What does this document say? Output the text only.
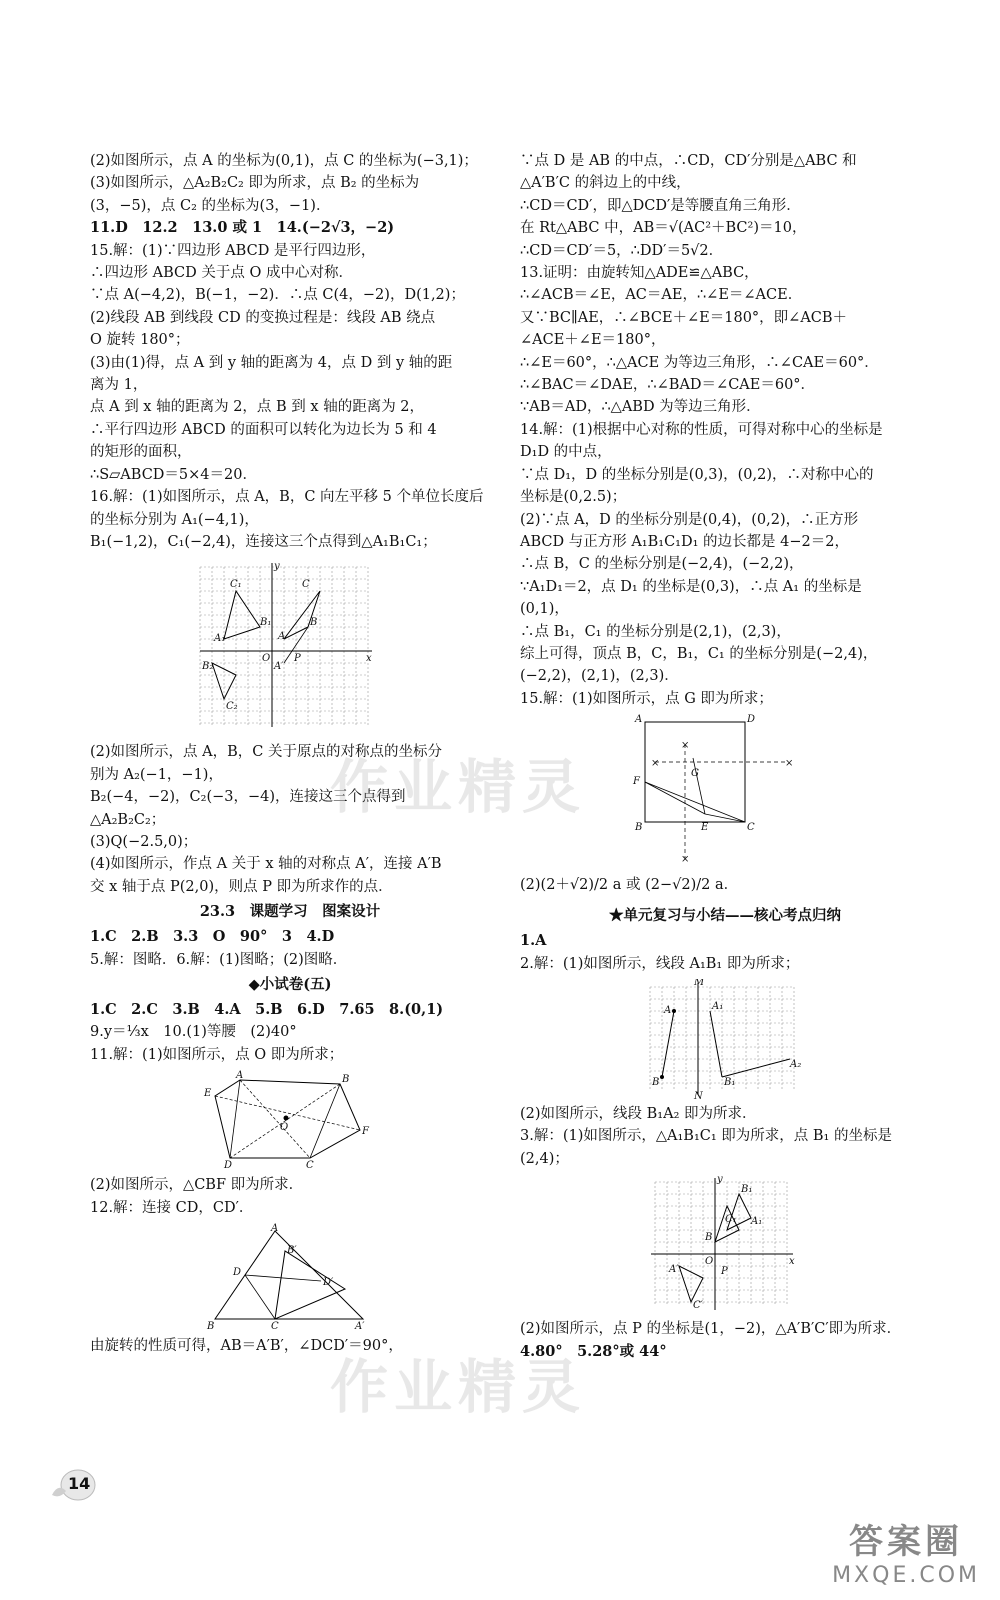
(2)如图所示，点 A 的坐标为(0,1)，点 C 的坐标为(−3,1)；
(3)如图所示，△A₂B₂C₂ 即为所求，点 B₂ 的坐标为
(3，−5)，点 C₂ 的坐标为(3，−1)．
11.D　12.2　13.0 或 1　14.(−2√3，−2)
15.解：(1)∵四边形 ABCD 是平行四边形，
∴四边形 ABCD 关于点 O 成中心对称．
∵点 A(−4,2)，B(−1，−2)．∴点 C(4，−2)，D(1,2)；
(2)线段 AB 到线段 CD 的变换过程是：线段 AB 绕点
O 旋转 180°；
(3)由(1)得，点 A 到 y 轴的距离为 4，点 D 到 y 轴的距
离为 1，
点 A 到 x 轴的距离为 2，点 B 到 x 轴的距离为 2，
∴平行四边形 ABCD 的面积可以转化为边长为 5 和 4
的矩形的面积，
∴S▱ABCD＝5×4＝20．
16.解：(1)如图所示，点 A，B，C 向左平移 5 个单位长度后
的坐标分别为 A₁(−4,1)，
B₁(−1,2)，C₁(−2,4)，连接这三个点得到△A₁B₁C₁；
y
x
O
A₁
C₁
B₁
C
B
A
B₂
C₂
A′
P
(2)如图所示，点 A，B，C 关于原点的对称点的坐标分
别为 A₂(−1，−1)，
B₂(−4，−2)，C₂(−3，−4)，连接这三个点得到
△A₂B₂C₂；
(3)Q(−2.5,0)；
(4)如图所示，作点 A 关于 x 轴的对称点 A′，连接 A′B
交 x 轴于点 P(2,0)，则点 P 即为所求作的点．
23.3　课题学习　图案设计
1.C　2.B　3.3　O　90°　3　4.D
5.解：图略．6.解：(1)图略；(2)图略．
◆小试卷(五)
1.C　2.C　3.B　4.A　5.B　6.D　7.65　8.(0,1)
9.y＝⅓x　10.(1)等腰　(2)40°
11.解：(1)如图所示，点 O 即为所求；
A	B
F
C
D
E
O
(2)如图所示，△CBF 即为所求．
12.解：连接 CD，CD′．
A
B′
D
D′
B	C	A′
由旋转的性质可得，AB＝A′B′，∠DCD′＝90°，
∵点 D 是 AB 的中点，∴CD，CD′分别是△ABC 和
△A′B′C 的斜边上的中线，
∴CD＝CD′，即△DCD′是等腰直角三角形．
在 Rt△ABC 中，AB＝√(AC²＋BC²)＝10，
∴CD＝CD′＝5，∴DD′＝5√2．
13.证明：由旋转知△ADE≌△ABC，
∴∠ACB＝∠E，AC＝AE，∴∠E＝∠ACE．
又∵BC∥AE，∴∠BCE＋∠E＝180°，即∠ACB＋
∠ACE＋∠E＝180°，
∴∠E＝60°，∴△ACE 为等边三角形，∴∠CAE＝60°．
∴∠BAC＝∠DAE，∴∠BAD＝∠CAE＝60°．
∵AB＝AD，∴△ABD 为等边三角形．
14.解：(1)根据中心对称的性质，可得对称中心的坐标是
D₁D 的中点，
∵点 D₁，D 的坐标分别是(0,3)，(0,2)，∴对称中心的
坐标是(0,2.5)；
(2)∵点 A，D 的坐标分别是(0,4)，(0,2)，∴正方形
ABCD 与正方形 A₁B₁C₁D₁ 的边长都是 4−2＝2，
∴点 B，C 的坐标分别是(−2,4)，(−2,2)，
∵A₁D₁＝2，点 D₁ 的坐标是(0,3)，∴点 A₁ 的坐标是
(0,1)，
∴点 B₁，C₁ 的坐标分别是(2,1)，(2,3)，
综上可得，顶点 B，C，B₁，C₁ 的坐标分别是(−2,4)，
(−2,2)，(2,1)，(2,3)．
15.解：(1)如图所示，点 G 即为所求；
×
×
×
×
A	D
F
G
B	E	C
(2)(2＋√2)/2 a 或 (2−√2)/2 a．
★单元复习与小结——核心考点归纳
1.A
2.解：(1)如图所示，线段 A₁B₁ 即为所求；
M
N
A
B
A₁
B₁
A₂
(2)如图所示，线段 B₁A₂ 即为所求．
3.解：(1)如图所示，△A₁B₁C₁ 即为所求，点 B₁ 的坐标是
(2,4)；
y
x
O
B₁
C₁ A₁
B
P
A′
C′
(2)如图所示，点 P 的坐标是(1，−2)，△A′B′C′即为所求．
4.80°　5.28°或 44°
14
作业精灵
作业精灵
答案圈
MXQE.COM
